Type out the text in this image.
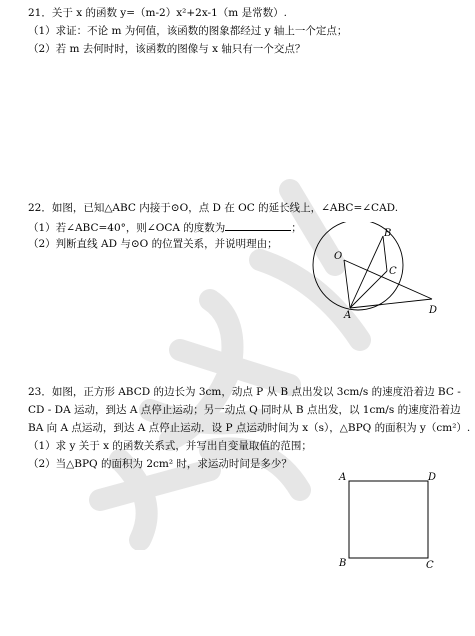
21．关于 x 的函数 y=（m-2）x²+2x-1（m 是常数）.
（1）求证：不论 m 为何值，该函数的图象都经过 y 轴上一个定点；
（2）若 m 去何时时，该函数的图像与 x 轴只有一个交点？
22．如图，已知△ABC 内接于⊙O，点 D 在 OC 的延长线上，∠ABC=∠CAD.
（1）若∠ABC=40°，则∠OCA 的度数为	；
（2）判断直线 AD 与⊙O 的位置关系，并说明理由；
O
B
C
A	D
23．如图，正方形 ABCD 的边长为 3cm，动点 P 从 B 点出发以 3cm/s 的速度沿着边 BC -
CD - DA 运动，到达 A 点停止运动；另一动点 Q 同时从 B 点出发，以 1cm/s 的速度沿着边
BA 向 A 点运动，到达 A 点停止运动．设 P 点运动时间为 x（s），△BPQ 的面积为 y（cm²）.
（1）求 y 关于 x 的函数关系式，并写出自变量取值的范围；
（2）当△BPQ 的面积为 2cm² 时，求运动时间是多少？
A	D
B	C
